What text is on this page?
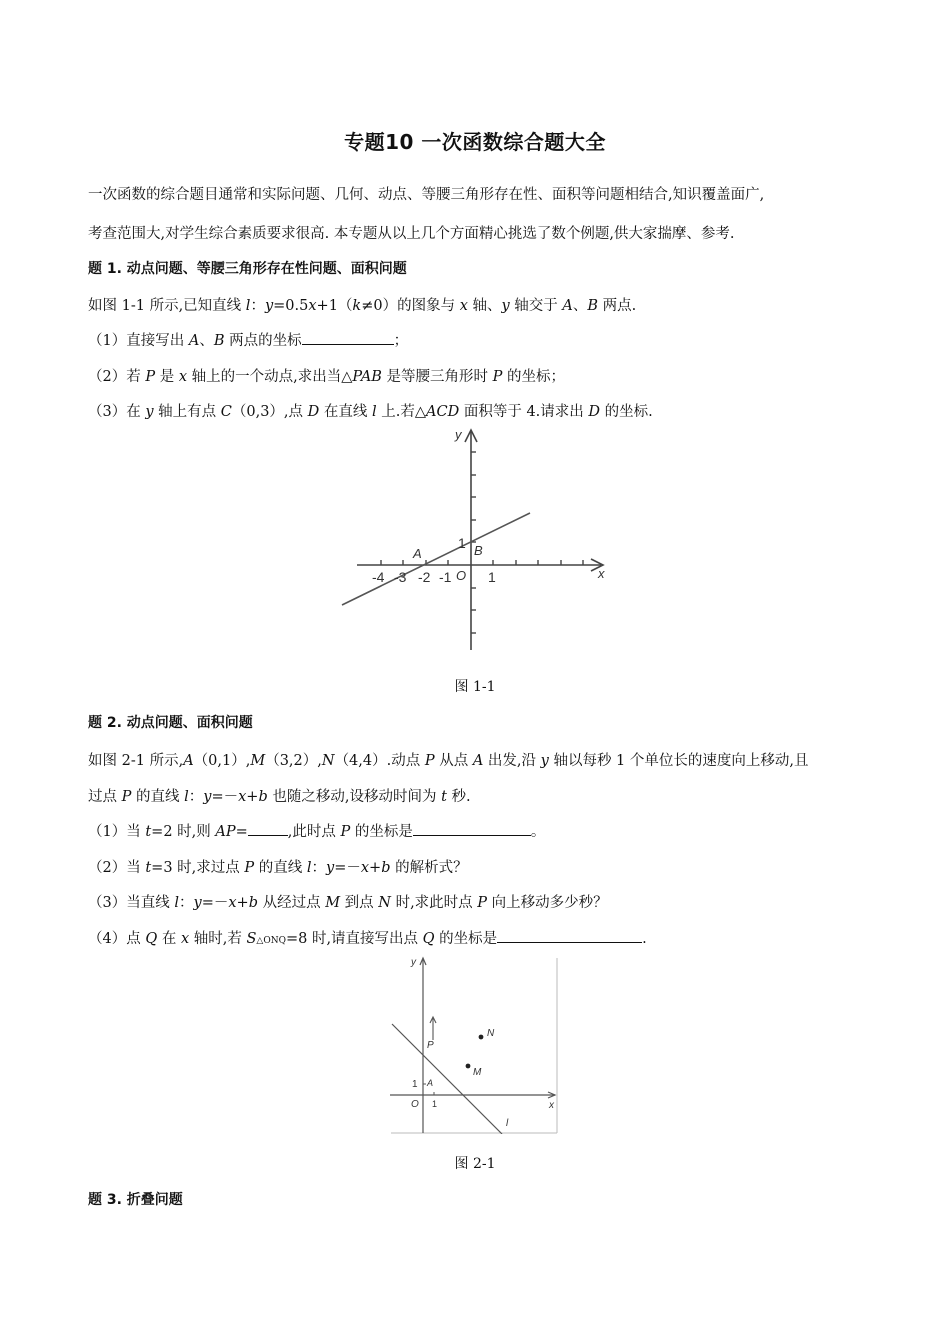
专题10 一次函数综合题大全
一次函数的综合题目通常和实际问题、几何、动点、等腰三角形存在性、面积等问题相结合,知识覆盖面广,
考查范围大,对学生综合素质要求很高. 本专题从以上几个方面精心挑选了数个例题,供大家揣摩、参考.
题 1. 动点问题、等腰三角形存在性问题、面积问题
如图 1-1 所示,已知直线 l：y=0.5x+1（k≠0）的图象与 x 轴、y 轴交于 A、B 两点.
（1）直接写出 A、B 两点的坐标	；
（2）若 P 是 x 轴上的一个动点,求出当△PAB 是等腰三角形时 P 的坐标；
（3）在 y 轴上有点 C（0,3）,点 D 在直线 l 上.若△ACD 面积等于 4.请求出 D 的坐标.
y
x
-4 -3 -2 -1	1
O
1
A	B
图 1-1
题 2. 动点问题、面积问题
如图 2-1 所示,A（0,1）,M（3,2）,N（4,4）.动点 P 从点 A 出发,沿 y 轴以每秒 1 个单位长的速度向上移动,且
过点 P 的直线 l：y=－x+b 也随之移动,设移动时间为 t 秒.
（1）当 t=2 时,则 AP=	,此时点 P 的坐标是	。
（2）当 t=3 时,求过点 P 的直线 l：y=－x+b 的解析式？
（3）当直线 l：y=－x+b 从经过点 M 到点 N 时,求此时点 P 向上移动多少秒？
（4）点 Q 在 x 轴时,若 S△ONQ=8 时,请直接写出点 Q 的坐标是	.
y
x
P
N
M
A
1
O 1
l
图 2-1
题 3. 折叠问题
